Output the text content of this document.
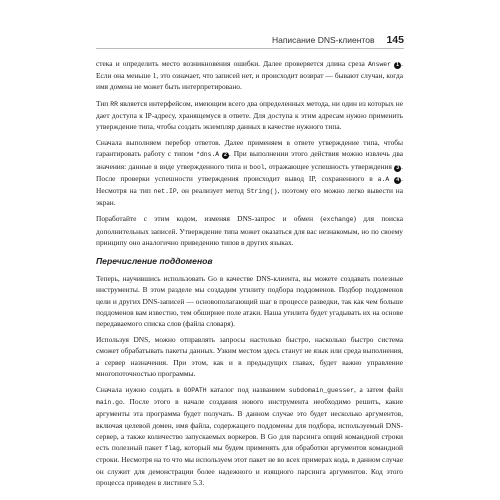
Написание DNS-клиентов 145

стека и определить место возникновения ошибки. Далее проверяется длина среза Answer 1 . Если она меньше 1, это означает, что записей нет, и происходит возврат — бывают случаи, когда имя домена не может быть интерпретировано.

Тип RR является интерфейсом, имеющим всего два определенных метода, ни один из которых не дает доступа к IP-адресу, хранящемуся в ответе. Для доступа к этим адресам нужно применить утверждение типа, чтобы создать экземпляр данных в качестве нужного типа.

Сначала выполняем перебор ответов. Далее применяем в ответе утверждение типа, чтобы гарантировать работу с типом *dns.A 2 . При выполнении этого действия можно извлечь два значения: данные в виде утвержденного типа и bool, отражающее успешность утверждения 3 . После проверки успешности утверждения происходит вывод IP, сохраненного в a.A 4 . Несмотря на тип net.IP, он реализует метод String(), поэтому его можно легко вывести на экран.

Поработайте с этим кодом, изменяя DNS-запрос и обмен (exchange) для поиска дополнительных записей. Утверждение типа может оказаться для вас незнакомым, но по своему принципу оно аналогично приведению типов в других языках.

Перечисление поддоменов

Теперь, научившись использовать Go в качестве DNS-клиента, вы можете создавать полезные инструменты. В этом разделе мы создадим утилиту подбора поддоменов. Подбор поддоменов цели и других DNS-записей — основополагающий шаг в процессе разведки, так как чем больше поддоменов вам известно, тем обширнее поле атаки. Наша утилита будет угадывать их на основе передаваемого списка слов (файла словаря).

Используя DNS, можно отправлять запросы настолько быстро, насколько быстро система сможет обрабатывать пакеты данных. Узким местом здесь станут не язык или среда выполнения, а сервер назначения. При этом, как и в предыдущих главах, будет важно управление многопоточностью программы.

Сначала нужно создать в GOPATH каталог под названием subdomain_guesser, а затем файл main.go. После этого в начале создания нового инструмента необходимо решить, какие аргументы эта программа будет получать. В данном случае это будет несколько аргументов, включая целевой домен, имя файла, содержащего поддомены для подбора, используемый DNS-сервер, а также количество запускаемых воркеров. В Go для парсинга опций командной строки есть полезный пакет flag, который мы будем применять для обработки аргументов командной строки. Несмотря на то что мы используем этот пакет не во всех примерах кода, в данном случае он служит для демонстрации более надежного и изящного парсинга аргументов. Код этого процесса приведен в листинге 5.3.
